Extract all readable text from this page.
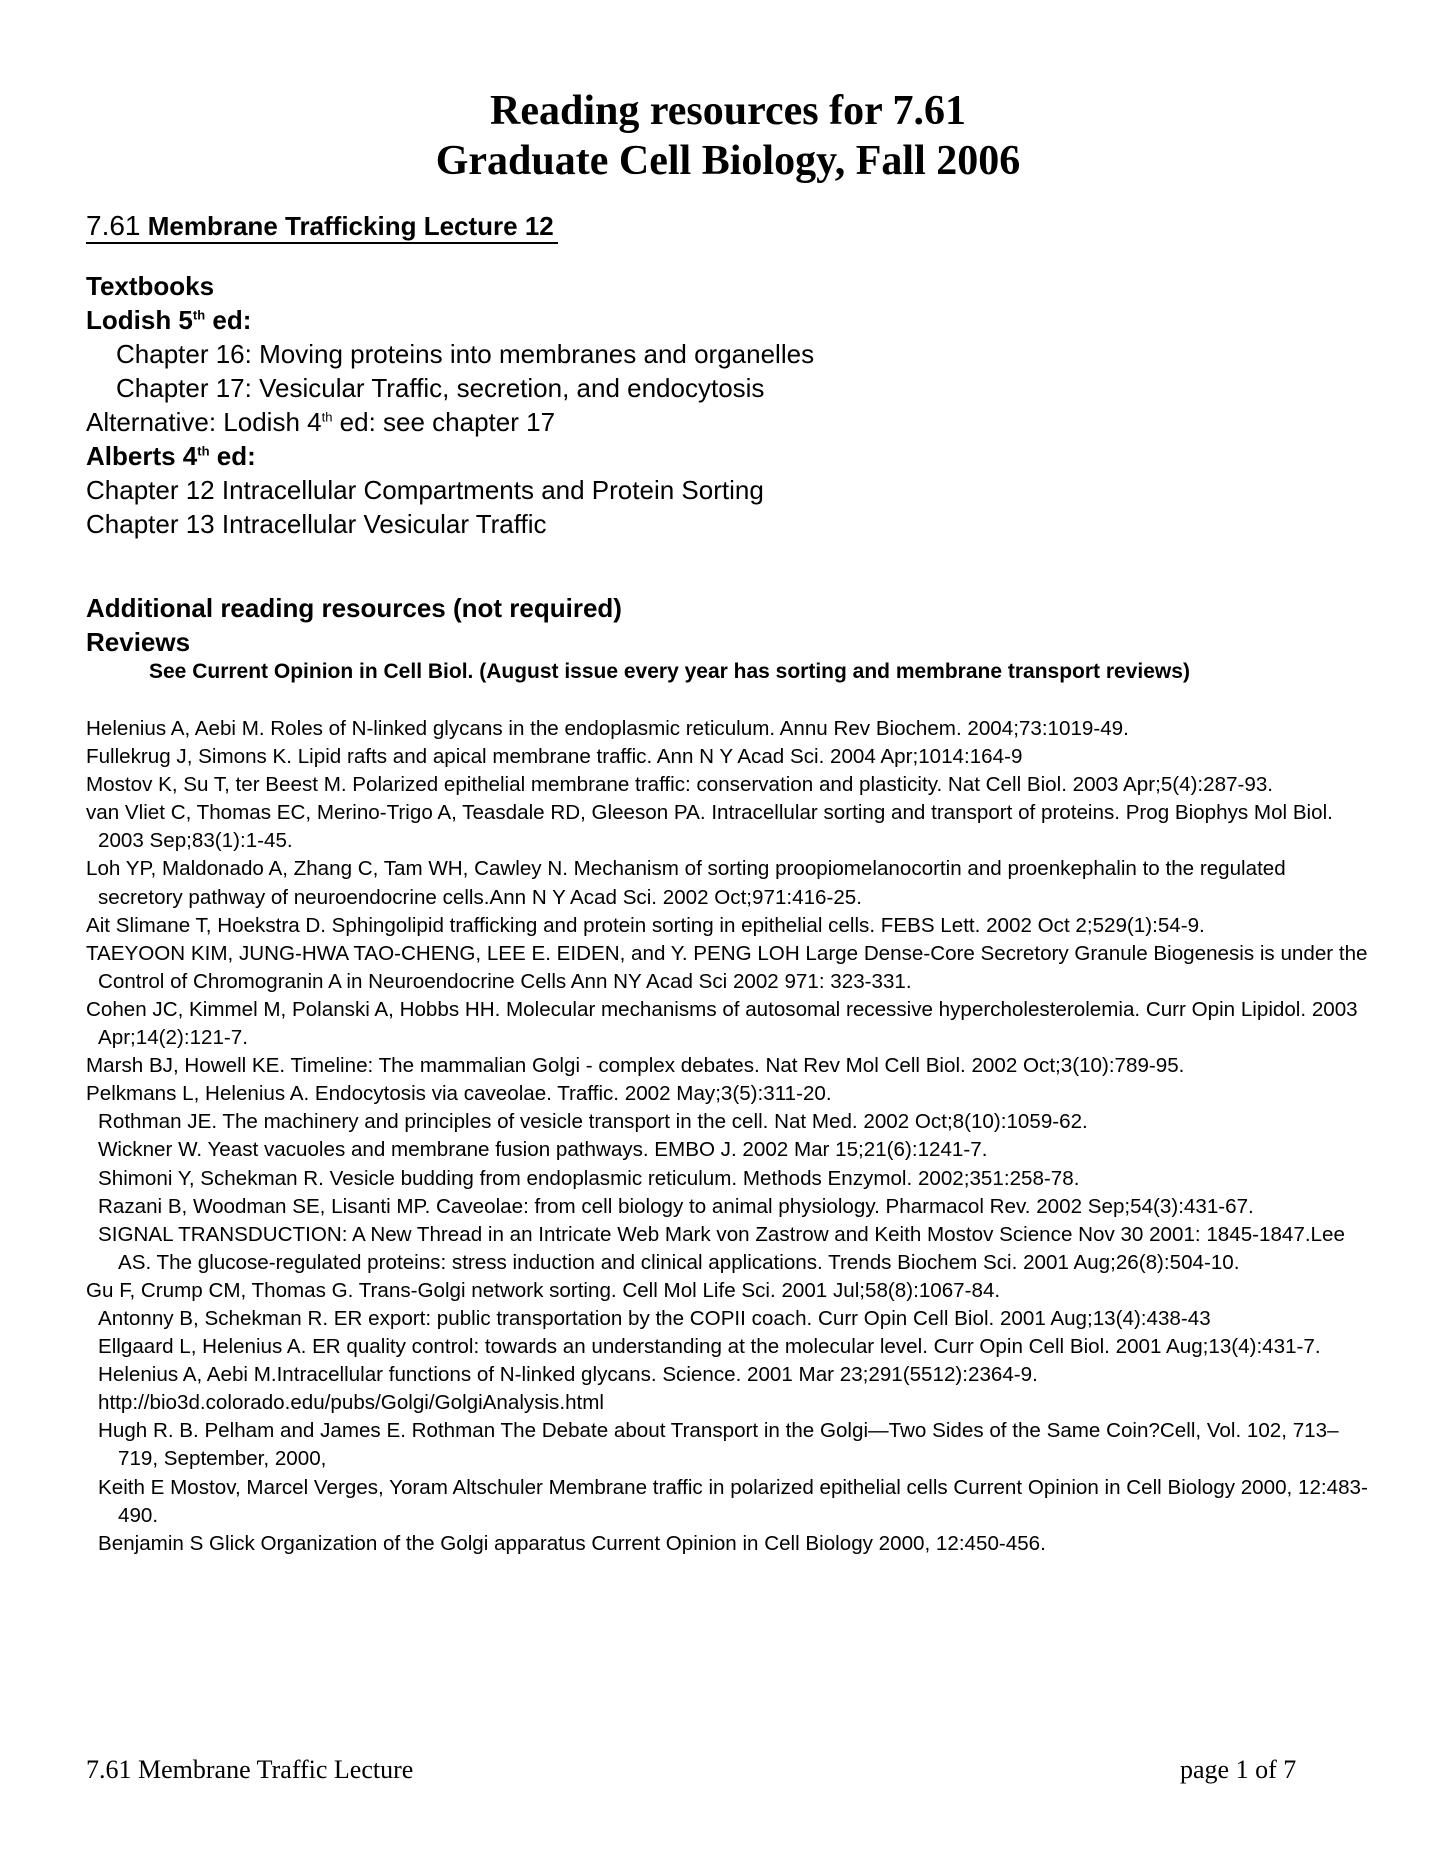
Reading resources for 7.61
Graduate Cell Biology, Fall 2006
7.61 Membrane Trafficking Lecture 12
Textbooks
Lodish 5th ed:
Chapter 16: Moving proteins into membranes and organelles
Chapter 17: Vesicular Traffic, secretion, and endocytosis
Alternative: Lodish 4th ed: see chapter 17
Alberts 4th ed:
Chapter 12 Intracellular Compartments and Protein Sorting
Chapter 13 Intracellular Vesicular Traffic
Additional reading resources (not required)
Reviews
See Current Opinion in Cell Biol. (August issue every year has sorting and membrane transport reviews)

Helenius A, Aebi M. Roles of N-linked glycans in the endoplasmic reticulum. Annu Rev Biochem. 2004;73:1019-49.

Fullekrug J, Simons K. Lipid rafts and apical membrane traffic. Ann N Y Acad Sci. 2004 Apr;1014:164-9

Mostov K, Su T, ter Beest M. Polarized epithelial membrane traffic: conservation and plasticity. Nat Cell Biol. 2003 Apr;5(4):287-93.

van Vliet C, Thomas EC, Merino-Trigo A, Teasdale RD, Gleeson PA. Intracellular sorting and transport of proteins. Prog Biophys Mol Biol. 2003 Sep;83(1):1-45.

Loh YP, Maldonado A, Zhang C, Tam WH, Cawley N. Mechanism of sorting proopiomelanocortin and proenkephalin to the regulated secretory pathway of neuroendocrine cells.Ann N Y Acad Sci. 2002 Oct;971:416-25.

Ait Slimane T, Hoekstra D. Sphingolipid trafficking and protein sorting in epithelial cells. FEBS Lett. 2002 Oct 2;529(1):54-9.

TAEYOON KIM, JUNG-HWA TAO-CHENG, LEE E. EIDEN, and Y. PENG LOH Large Dense-Core Secretory Granule Biogenesis is under the Control of Chromogranin A in Neuroendocrine Cells Ann NY Acad Sci 2002 971: 323-331.

Cohen JC, Kimmel M, Polanski A, Hobbs HH. Molecular mechanisms of autosomal recessive hypercholesterolemia. Curr Opin Lipidol. 2003 Apr;14(2):121-7.

Marsh BJ, Howell KE. Timeline: The mammalian Golgi - complex debates. Nat Rev Mol Cell Biol. 2002 Oct;3(10):789-95.

Pelkmans L, Helenius A. Endocytosis via caveolae. Traffic. 2002 May;3(5):311-20.

Rothman JE. The machinery and principles of vesicle transport in the cell. Nat Med. 2002 Oct;8(10):1059-62.

Wickner W. Yeast vacuoles and membrane fusion pathways. EMBO J. 2002 Mar 15;21(6):1241-7.

Shimoni Y, Schekman R. Vesicle budding from endoplasmic reticulum. Methods Enzymol. 2002;351:258-78.

Razani B, Woodman SE, Lisanti MP. Caveolae: from cell biology to animal physiology. Pharmacol Rev. 2002 Sep;54(3):431-67.

SIGNAL TRANSDUCTION: A New Thread in an Intricate Web Mark von Zastrow and Keith Mostov Science Nov 30 2001: 1845-1847.Lee AS. The glucose-regulated proteins: stress induction and clinical applications. Trends Biochem Sci. 2001 Aug;26(8):504-10.

Gu F, Crump CM, Thomas G. Trans-Golgi network sorting. Cell Mol Life Sci. 2001 Jul;58(8):1067-84.

Antonny B, Schekman R. ER export: public transportation by the COPII coach. Curr Opin Cell Biol. 2001 Aug;13(4):438-43

Ellgaard L, Helenius A. ER quality control: towards an understanding at the molecular level. Curr Opin Cell Biol. 2001 Aug;13(4):431-7.

Helenius A, Aebi M.Intracellular functions of N-linked glycans. Science. 2001 Mar 23;291(5512):2364-9.

http://bio3d.colorado.edu/pubs/Golgi/GolgiAnalysis.html

Hugh R. B. Pelham and James E. Rothman The Debate about Transport in the Golgi—Two Sides of the Same Coin?Cell, Vol. 102, 713–719, September, 2000,

Keith E Mostov, Marcel Verges, Yoram Altschuler Membrane traffic in polarized epithelial cells Current Opinion in Cell Biology 2000, 12:483-490.

Benjamin S Glick Organization of the Golgi apparatus Current Opinion in Cell Biology 2000, 12:450-456.

7.61 Membrane Traffic Lecture	page 1 of 7
